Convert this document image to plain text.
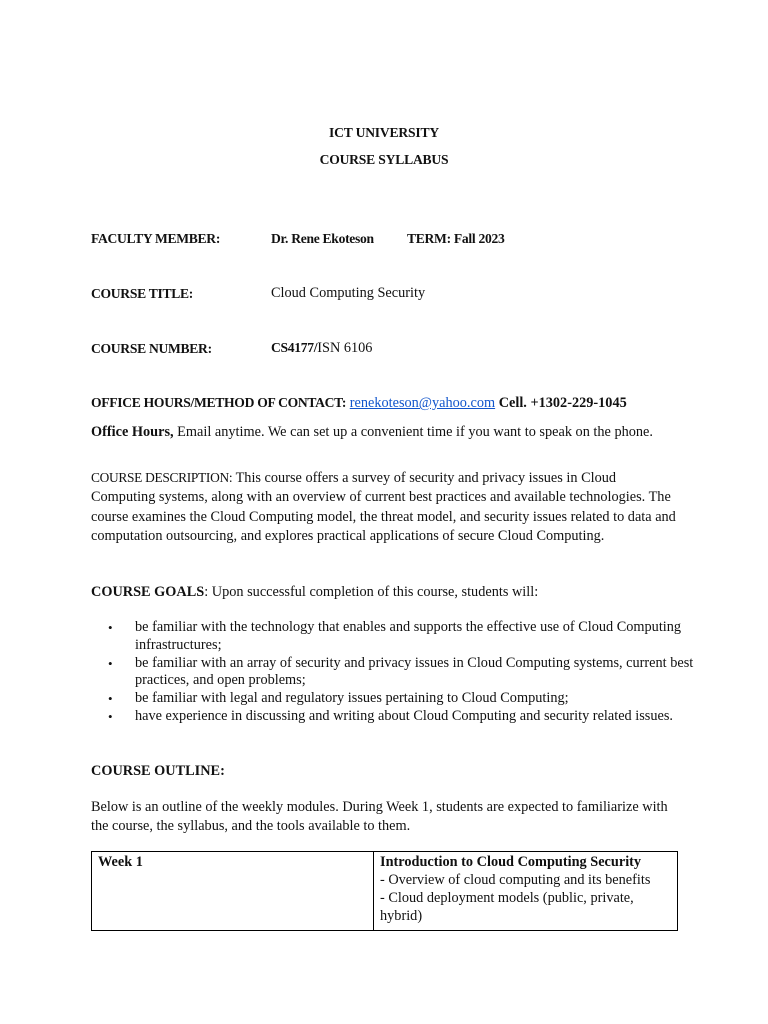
ICT UNIVERSITY
COURSE SYLLABUS
FACULTY MEMBER:	Dr. Rene Ekoteson TERM: Fall 2023
COURSE TITLE:	Cloud Computing Security
COURSE NUMBER:	CS4177/ISN 6106
OFFICE HOURS/METHOD OF CONTACT: renekoteson@yahoo.com Cell. +1302-229-1045
Office Hours, Email anytime. We can set up a convenient time if you want to speak on the phone.
COURSE DESCRIPTION: This course offers a survey of security and privacy issues in Cloud Computing systems, along with an overview of current best practices and available technologies. The course examines the Cloud Computing model, the threat model, and security issues related to data and computation outsourcing, and explores practical applications of secure Cloud Computing.
COURSE GOALS: Upon successful completion of this course, students will:
• be familiar with the technology that enables and supports the effective use of Cloud Computing infrastructures;
• be familiar with an array of security and privacy issues in Cloud Computing systems, current best practices, and open problems;
• be familiar with legal and regulatory issues pertaining to Cloud Computing;
• have experience in discussing and writing about Cloud Computing and security related issues.
COURSE OUTLINE:
Below is an outline of the weekly modules. During Week 1, students are expected to familiarize with the course, the syllabus, and the tools available to them.
Week 1	Introduction to Cloud Computing Security
- Overview of cloud computing and its benefits
- Cloud deployment models (public, private, hybrid)
